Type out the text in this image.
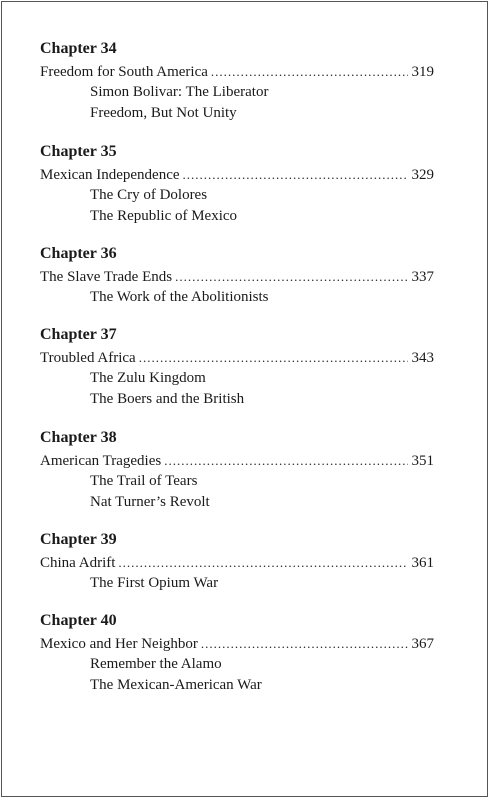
Chapter 34
Freedom for South America .....	319
Simon Bolivar: The Liberator
Freedom, But Not Unity
Chapter 35
Mexican Independence .....	329
The Cry of Dolores
The Republic of Mexico
Chapter 36
The Slave Trade Ends .....	337
The Work of the Abolitionists
Chapter 37
Troubled Africa .....	343
The Zulu Kingdom
The Boers and the British
Chapter 38
American Tragedies .....	351
The Trail of Tears
Nat Turner’s Revolt
Chapter 39
China Adrift .....	361
The First Opium War
Chapter 40
Mexico and Her Neighbor .....	367
Remember the Alamo
The Mexican-American War
